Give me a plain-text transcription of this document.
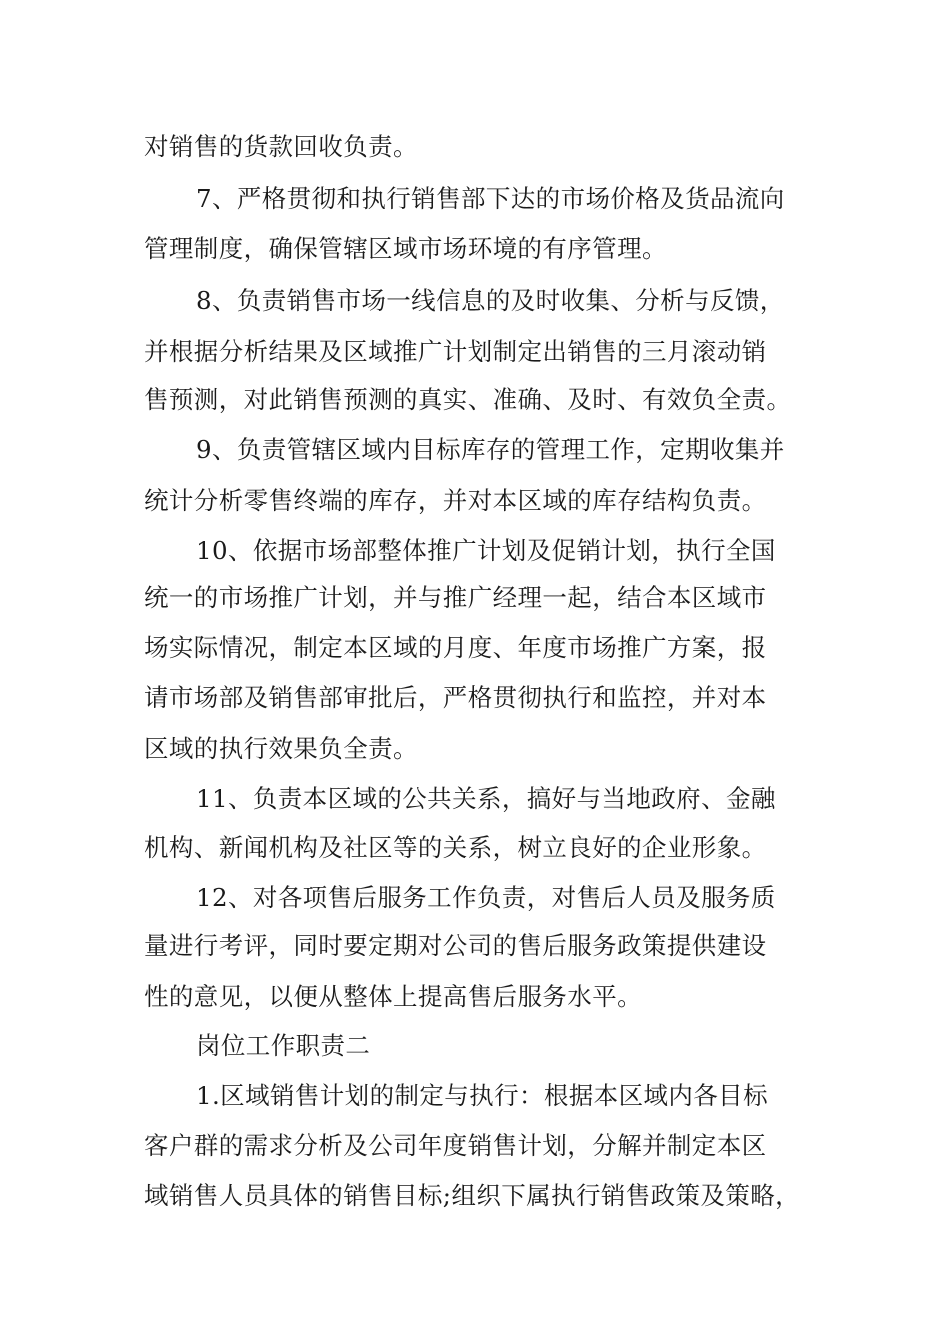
对销售的货款回收负责。
7、严格贯彻和执行销售部下达的市场价格及货品流向
管理制度，确保管辖区域市场环境的有序管理。
8、负责销售市场一线信息的及时收集、分析与反馈，
并根据分析结果及区域推广计划制定出销售的三月滚动销
售预测，对此销售预测的真实、准确、及时、有效负全责。
9、负责管辖区域内目标库存的管理工作，定期收集并
统计分析零售终端的库存，并对本区域的库存结构负责。
10、依据市场部整体推广计划及促销计划，执行全国
统一的市场推广计划，并与推广经理一起，结合本区域市
场实际情况，制定本区域的月度、年度市场推广方案，报
请市场部及销售部审批后，严格贯彻执行和监控，并对本
区域的执行效果负全责。
11、负责本区域的公共关系，搞好与当地政府、金融
机构、新闻机构及社区等的关系，树立良好的企业形象。
12、对各项售后服务工作负责，对售后人员及服务质
量进行考评，同时要定期对公司的售后服务政策提供建设
性的意见，以便从整体上提高售后服务水平。
岗位工作职责二
1.区域销售计划的制定与执行：根据本区域内各目标
客户群的需求分析及公司年度销售计划，分解并制定本区
域销售人员具体的销售目标;组织下属执行销售政策及策略，
